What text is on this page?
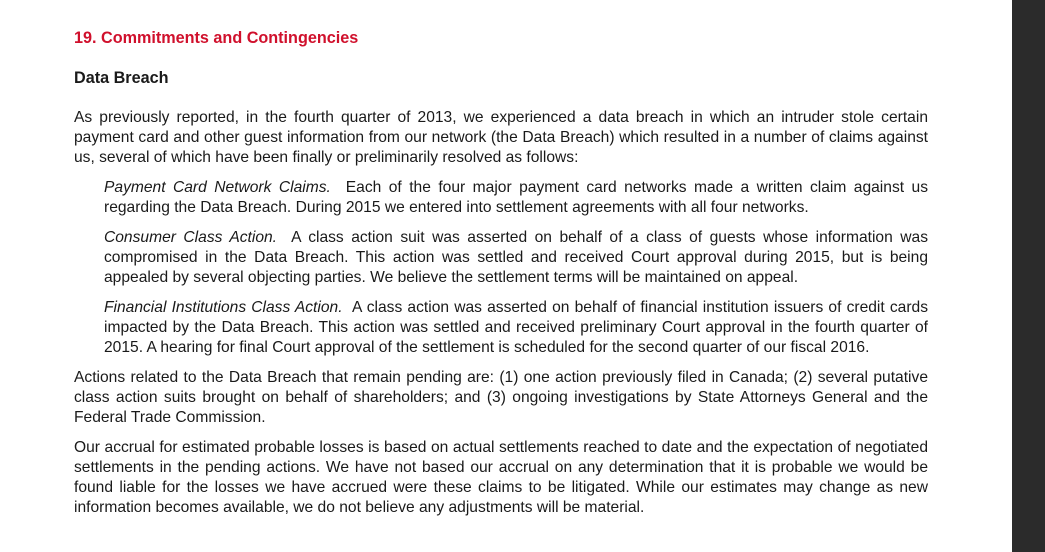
19. Commitments and Contingencies
Data Breach

As previously reported, in the fourth quarter of 2013, we experienced a data breach in which an intruder stole certain payment card and other guest information from our network (the Data Breach) which resulted in a number of claims against us, several of which have been finally or preliminarily resolved as follows:

Payment Card Network Claims. Each of the four major payment card networks made a written claim against us regarding the Data Breach. During 2015 we entered into settlement agreements with all four networks.

Consumer Class Action. A class action suit was asserted on behalf of a class of guests whose information was compromised in the Data Breach. This action was settled and received Court approval during 2015, but is being appealed by several objecting parties. We believe the settlement terms will be maintained on appeal.

Financial Institutions Class Action. A class action was asserted on behalf of financial institution issuers of credit cards impacted by the Data Breach. This action was settled and received preliminary Court approval in the fourth quarter of 2015. A hearing for final Court approval of the settlement is scheduled for the second quarter of our fiscal 2016.

Actions related to the Data Breach that remain pending are: (1) one action previously filed in Canada; (2) several putative class action suits brought on behalf of shareholders; and (3) ongoing investigations by State Attorneys General and the Federal Trade Commission.

Our accrual for estimated probable losses is based on actual settlements reached to date and the expectation of negotiated settlements in the pending actions. We have not based our accrual on any determination that it is probable we would be found liable for the losses we have accrued were these claims to be litigated. While our estimates may change as new information becomes available, we do not believe any adjustments will be material.
